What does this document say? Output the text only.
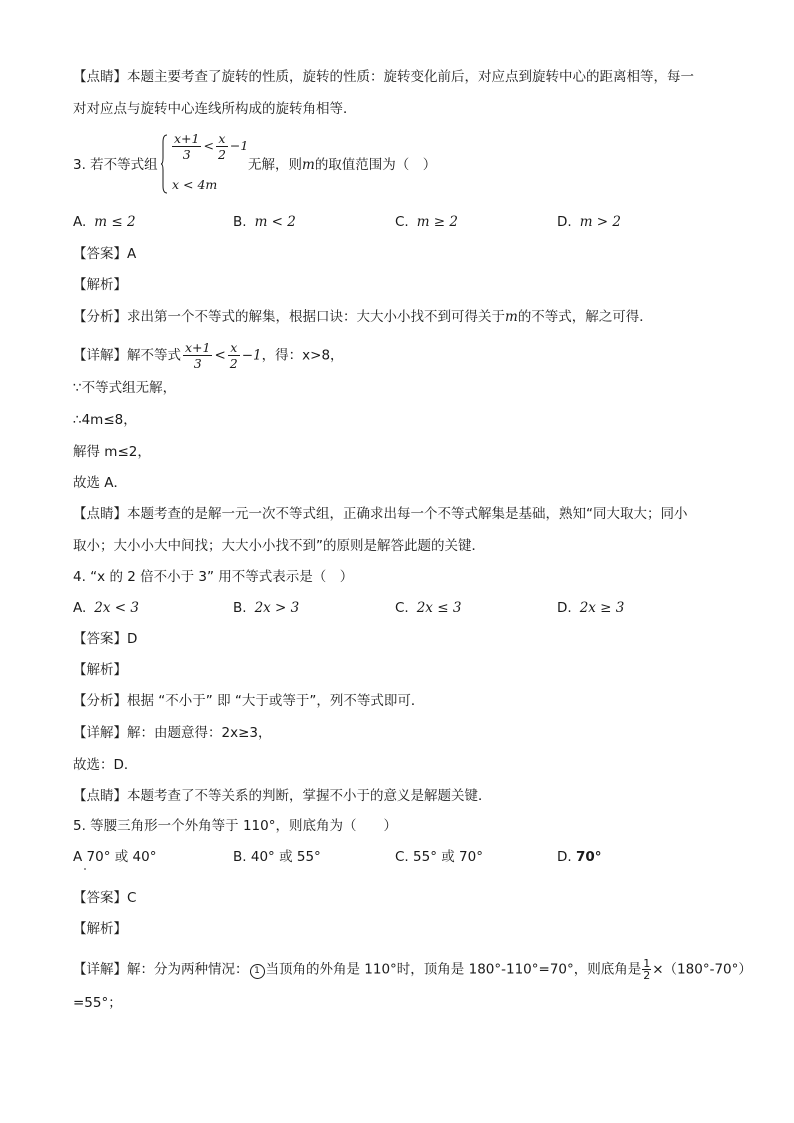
【点睛】本题主要考查了旋转的性质，旋转的性质：旋转变化前后，对应点到旋转中心的距离相等，每一
对对应点与旋转中心连线所构成的旋转角相等．
3. 若不等式组
$\frac{x+1}{3} < \frac{x}{2} -1$
x < 4m
无解，则m的取值范围为（　）
A. m ≤ 2	B. m < 2	C. m ≥ 2	D. m > 2
【答案】A
【解析】
【分析】求出第一个不等式的解集，根据口诀：大大小小找不到可得关于m的不等式，解之可得．
【详解】解不等式 $\frac{x+1}{3} < \frac{x}{2} -1$，得：x>8，
∵不等式组无解，
∴4m≤8，
解得 m≤2，
故选 A．
【点睛】本题考查的是解一元一次不等式组，正确求出每一个不等式解集是基础，熟知“同大取大；同小
取小；大小小大中间找；大大小小找不到”的原则是解答此题的关键．
4. “x 的 2 倍不小于 3” 用不等式表示是（　）
A. 2x < 3	B. 2x > 3	C. 2x ≤ 3	D. 2x ≥ 3
【答案】D
【解析】
【分析】根据 “不小于” 即 “大于或等于”，列不等式即可．
【详解】解：由题意得：2x≥3，
故选：D．
【点睛】本题考查了不等关系的判断，掌握不小于的意义是解题关键．
5. 等腰三角形一个外角等于 110°，则底角为（　　）
A 70° 或 40°	B. 40° 或 55°	C. 55° 或 70°	D. 70°
【答案】C
【解析】
【详解】解：分为两种情况： 1 当顶角的外角是 110°时，顶角是 180°-110°=70°，则底角是 $\frac{1}{2} \times(180^\circ-70^\circ)$
=55°；
